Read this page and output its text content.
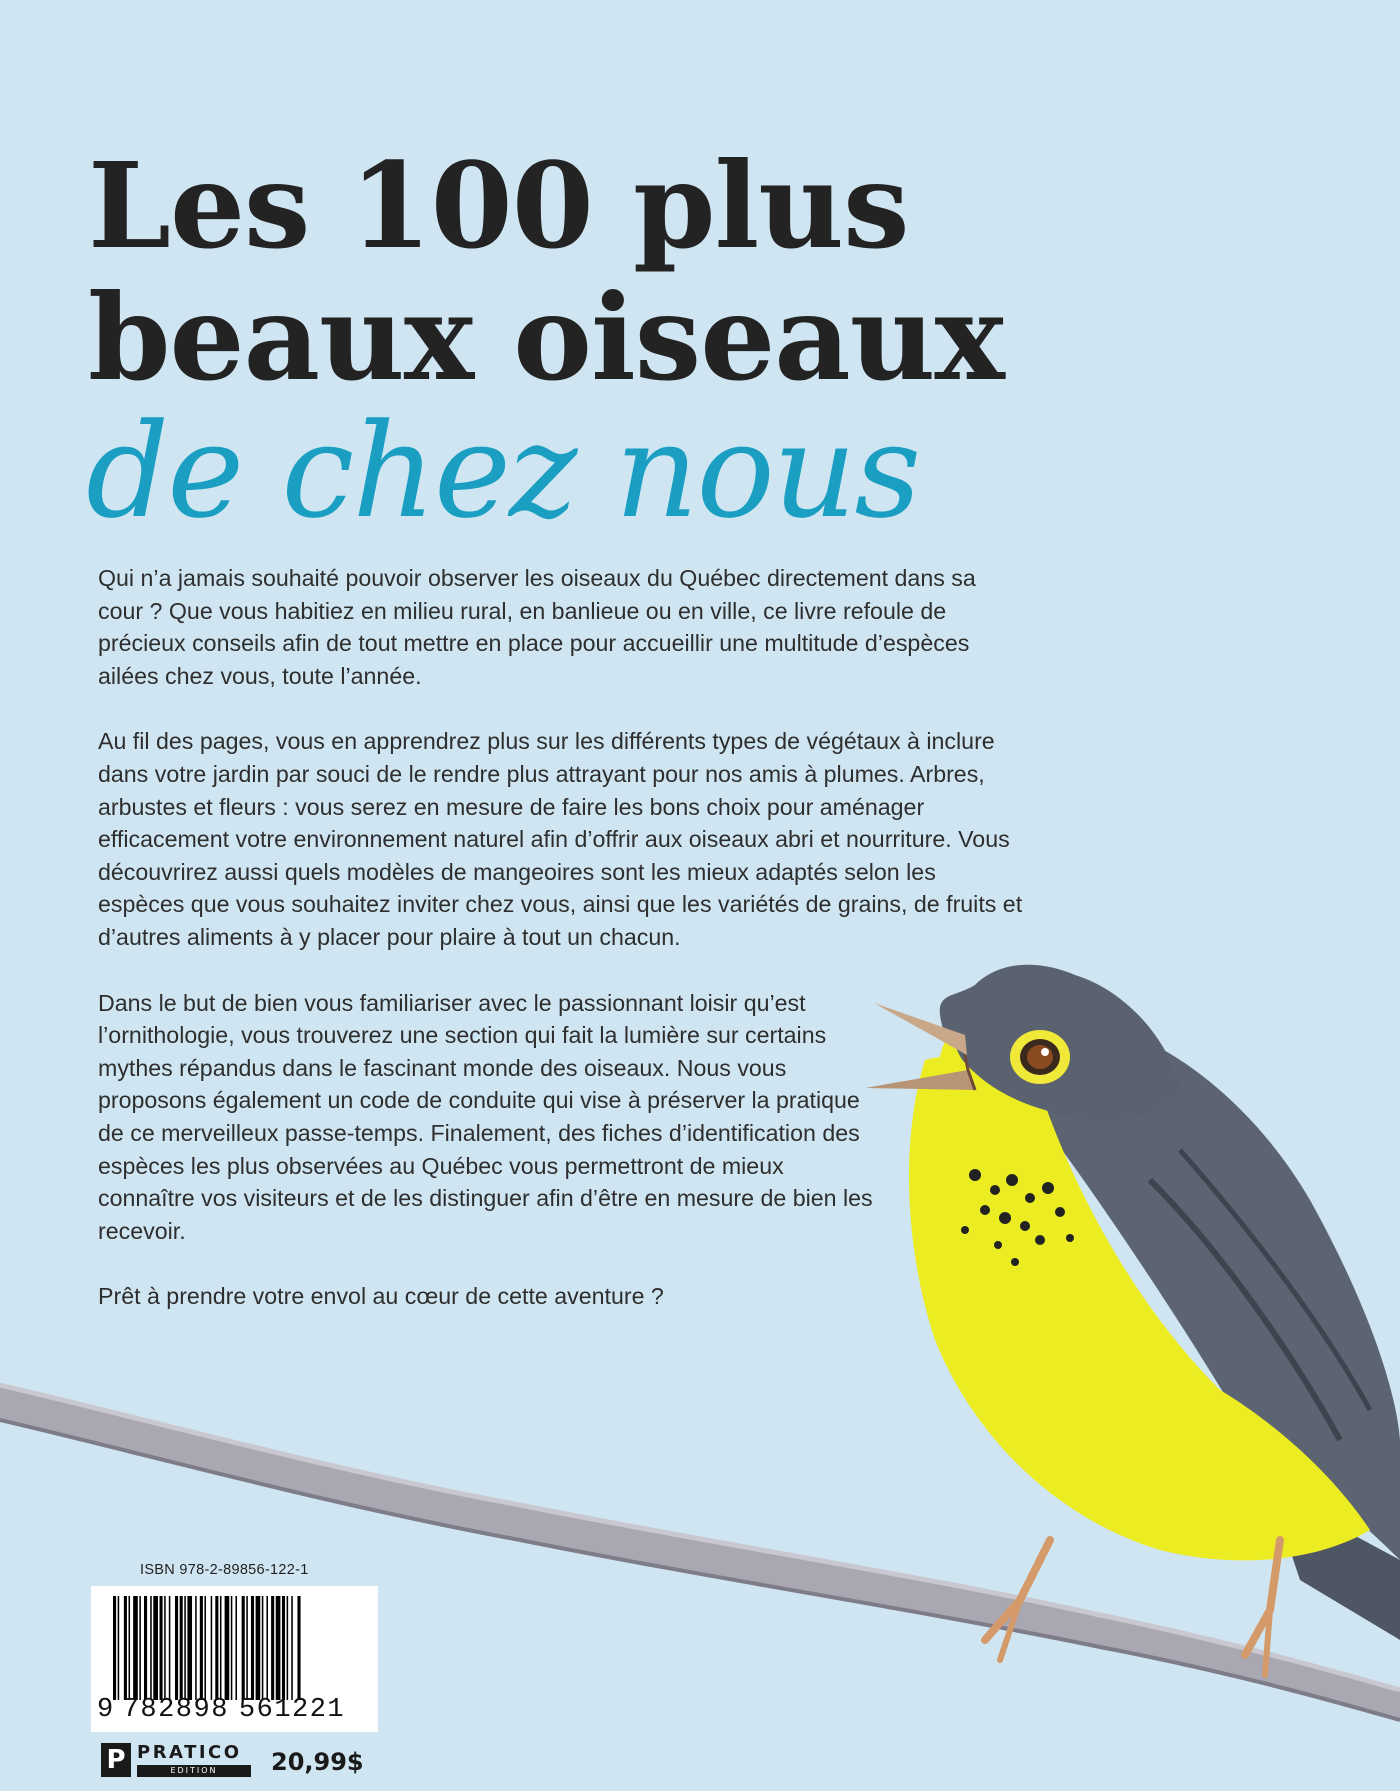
Les 100 plus
beaux oiseaux
de chez nous

Qui n’a jamais souhaité pouvoir observer les oiseaux du Québec directement dans sa cour ? Que vous habitiez en milieu rural, en banlieue ou en ville, ce livre refoule de précieux conseils afin de tout mettre en place pour accueillir une multitude d’espèces ailées chez vous, toute l’année.

Au fil des pages, vous en apprendrez plus sur les différents types de végétaux à inclure dans votre jardin par souci de le rendre plus attrayant pour nos amis à plumes. Arbres, arbustes et fleurs : vous serez en mesure de faire les bons choix pour aménager efficacement votre environnement naturel afin d’offrir aux oiseaux abri et nourriture. Vous découvrirez aussi quels modèles de mangeoires sont les mieux adaptés selon les espèces que vous souhaitez inviter chez vous, ainsi que les variétés de grains, de fruits et d’autres aliments à y placer pour plaire à tout un chacun.

Dans le but de bien vous familiariser avec le passionnant loisir qu’est l’ornithologie, vous trouverez une section qui fait la lumière sur certains mythes répandus dans le fascinant monde des oiseaux. Nous vous proposons également un code de conduite qui vise à préserver la pratique de ce merveilleux passe-temps. Finalement, des fiches d’identification des espèces les plus observées au Québec vous permettront de mieux connaître vos visiteurs et de les distinguer afin d’être en mesure de bien les recevoir.

Prêt à prendre votre envol au cœur de cette aventure ?

ISBN 978-2-89856-122-1
9 782898 561221
P PRATICO
EDITION	20,99$
